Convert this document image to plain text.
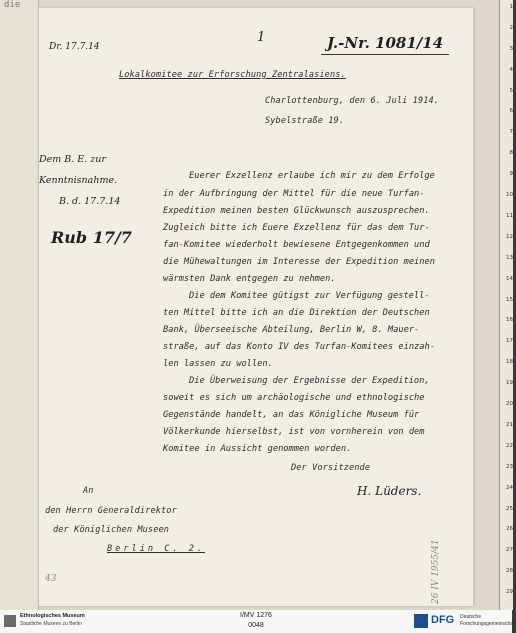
die
Dr. 17.7.14
1	J.-Nr. 1081/14
Lokalkomitee zur Erforschung Zentralasiens.
Charlottenburg, den 6. Juli 1914.
Sybelstraße 19.
Dem B. E. zur
Kenntnisnahme.
B. d. 17.7.14
Rub 17/7
Euerer Exzellenz erlaube ich mir zu dem Erfolge
in der Aufbringung der Mittel für die neue Turfan-
Expedition meinen besten Glückwunsch auszusprechen.
Zugleich bitte ich Euere Exzellenz für das dem Tur-
fan-Komitee wiederholt bewiesene Entgegenkommen und
die Mühewaltungen im Interesse der Expedition meinen
wärmsten Dank entgegen zu nehmen.
Die dem Komitee gütigst zur Verfügung gestell-
ten Mittel bitte ich an die Direktion der Deutschen
Bank, Überseeische Abteilung, Berlin W, 8. Mauer-
straße, auf das Konto IV des Turfan-Komitees einzah-
len lassen zu wollen.
Die Überweisung der Ergebnisse der Expedition,
soweit es sich um archäologische und ethnologische
Gegenstände handelt, an das Königliche Museum für
Völkerkunde hierselbst, ist von vornherein von dem
Komitee in Aussicht genommen worden.
Der Vorsitzende
H. Lüders.
An
den Herrn Generaldirektor
der Königlichen Museen
Berlin C. 2.
43	26 IV 1955/41
1
2
3
4
5
6
7
8
9
10
11
12
13
14
15
16
17
18
19
20
21
22
23
24
25
26
27
28
29
Ethnologisches Museum
Staatliche Museen zu Berlin
I/MV 1276
0048	DFG Deutsche
Forschungsgemeinschaft
